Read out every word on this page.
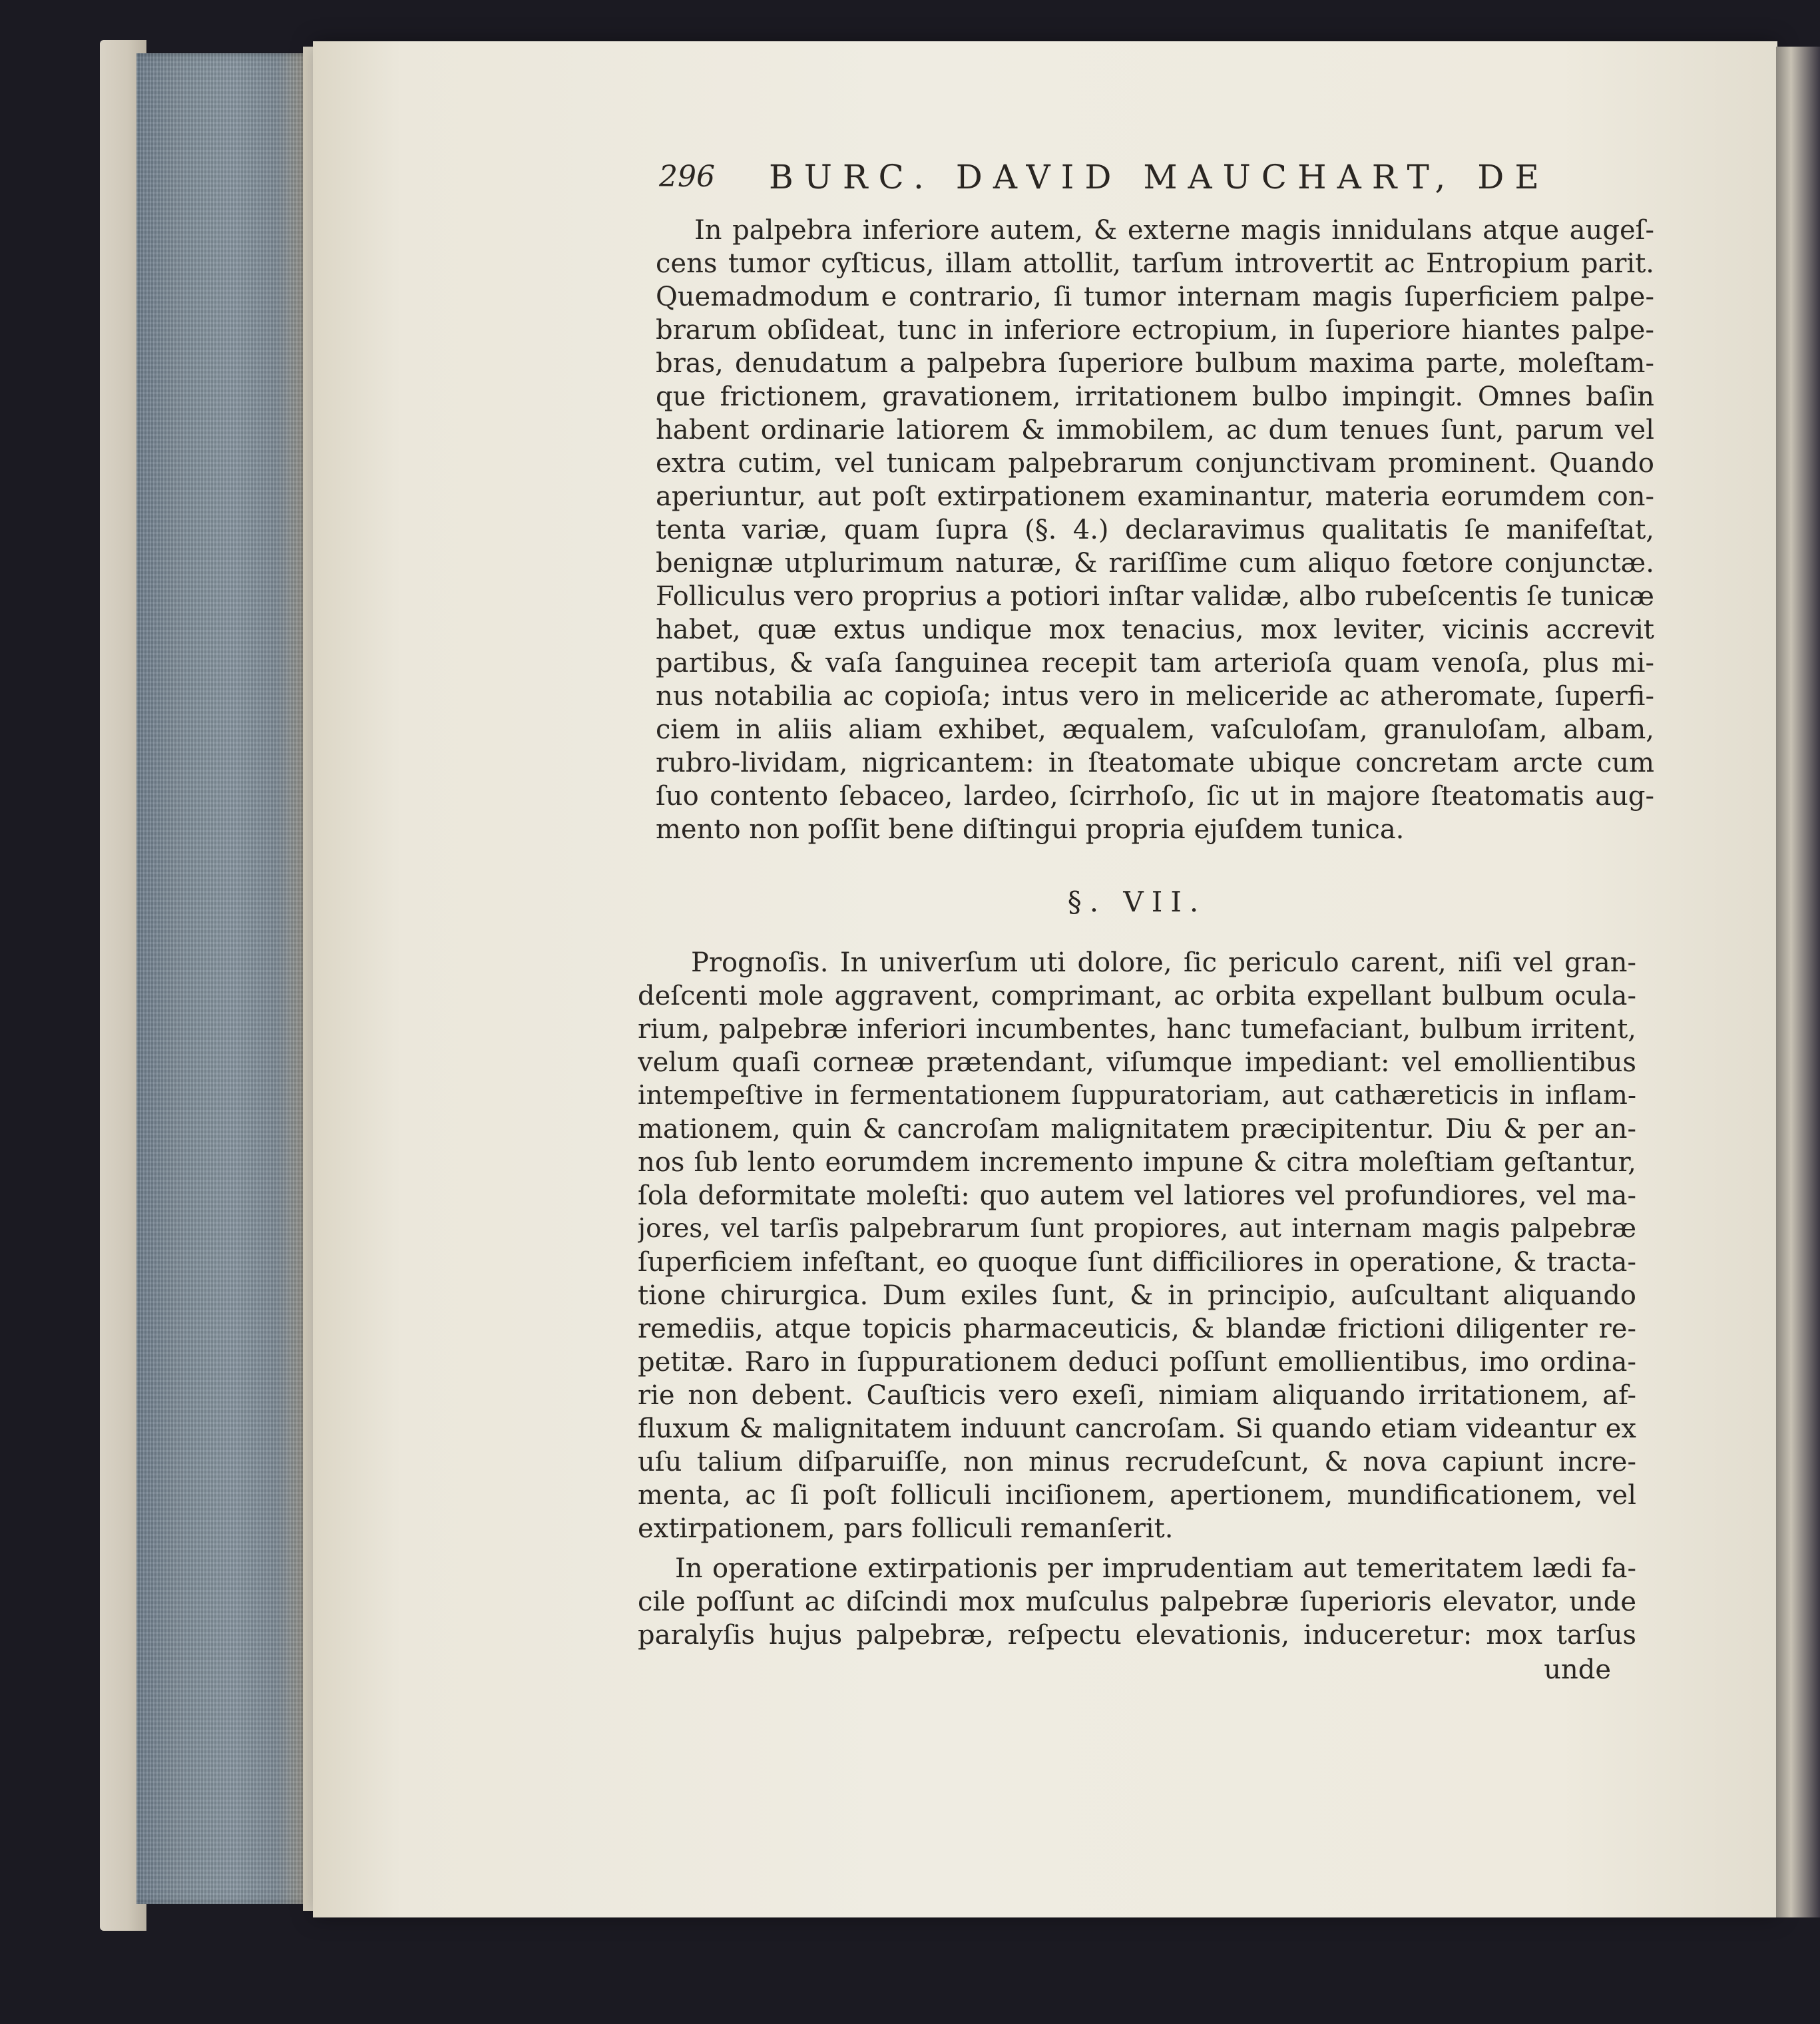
296 BURC. DAVID MAUCHART, DE
In palpebra inferiore autem, & externe magis innidulans atque augeſ-
cens tumor cyſticus, illam attollit, tarſum introvertit ac Entropium parit.
Quemadmodum e contrario, ſi tumor internam magis ſuperficiem palpe-
brarum obſideat, tunc in inferiore ectropium, in ſuperiore hiantes palpe-
bras, denudatum a palpebra ſuperiore bulbum maxima parte, moleſtam-
que frictionem, gravationem, irritationem bulbo impingit. Omnes baſin
habent ordinarie latiorem & immobilem, ac dum tenues ſunt, parum vel
extra cutim, vel tunicam palpebrarum conjunctivam prominent. Quando
aperiuntur, aut poſt extirpationem examinantur, materia eorumdem con-
tenta variæ, quam ſupra (§. 4.) declaravimus qualitatis ſe manifeſtat,
benignæ utplurimum naturæ, & rariſſime cum aliquo fœtore conjunctæ.
Folliculus vero proprius a potiori inſtar validæ, albo rubeſcentis ſe tunicæ
habet, quæ extus undique mox tenacius, mox leviter, vicinis accrevit
partibus, & vaſa ſanguinea recepit tam arterioſa quam venoſa, plus mi-
nus notabilia ac copioſa; intus vero in meliceride ac atheromate, ſuperfi-
ciem in aliis aliam exhibet, æqualem, vaſculoſam, granuloſam, albam,
rubro-lividam, nigricantem: in ſteatomate ubique concretam arcte cum
ſuo contento ſebaceo, lardeo, ſcirrhoſo, ſic ut in majore ſteatomatis aug-
mento non poſſit bene diſtingui propria ejuſdem tunica.
§. VII.
Prognoſis. In univerſum uti dolore, ſic periculo carent, niſi vel gran-
deſcenti mole aggravent, comprimant, ac orbita expellant bulbum ocula-
rium, palpebræ inferiori incumbentes, hanc tumefaciant, bulbum irritent,
velum quaſi corneæ prætendant, viſumque impediant: vel emollientibus
intempeſtive in fermentationem ſuppuratoriam, aut cathæreticis in inflam-
mationem, quin & cancroſam malignitatem præcipitentur. Diu & per an-
nos ſub lento eorumdem incremento impune & citra moleſtiam geſtantur,
ſola deformitate moleſti: quo autem vel latiores vel profundiores, vel ma-
jores, vel tarſis palpebrarum ſunt propiores, aut internam magis palpebræ
ſuperficiem infeſtant, eo quoque ſunt difficiliores in operatione, & tracta-
tione chirurgica. Dum exiles ſunt, & in principio, auſcultant aliquando
remediis, atque topicis pharmaceuticis, & blandæ frictioni diligenter re-
petitæ. Raro in ſuppurationem deduci poſſunt emollientibus, imo ordina-
rie non debent. Cauſticis vero exeſi, nimiam aliquando irritationem, af-
fluxum & malignitatem induunt cancroſam. Si quando etiam videantur ex
uſu talium diſparuiſſe, non minus recrudeſcunt, & nova capiunt incre-
menta, ac ſi poſt folliculi inciſionem, apertionem, mundificationem, vel
extirpationem, pars folliculi remanſerit.
In operatione extirpationis per imprudentiam aut temeritatem lædi fa-
cile poſſunt ac diſcindi mox muſculus palpebræ ſuperioris elevator, unde
paralyſis hujus palpebræ, reſpectu elevationis, induceretur: mox tarſus
unde
